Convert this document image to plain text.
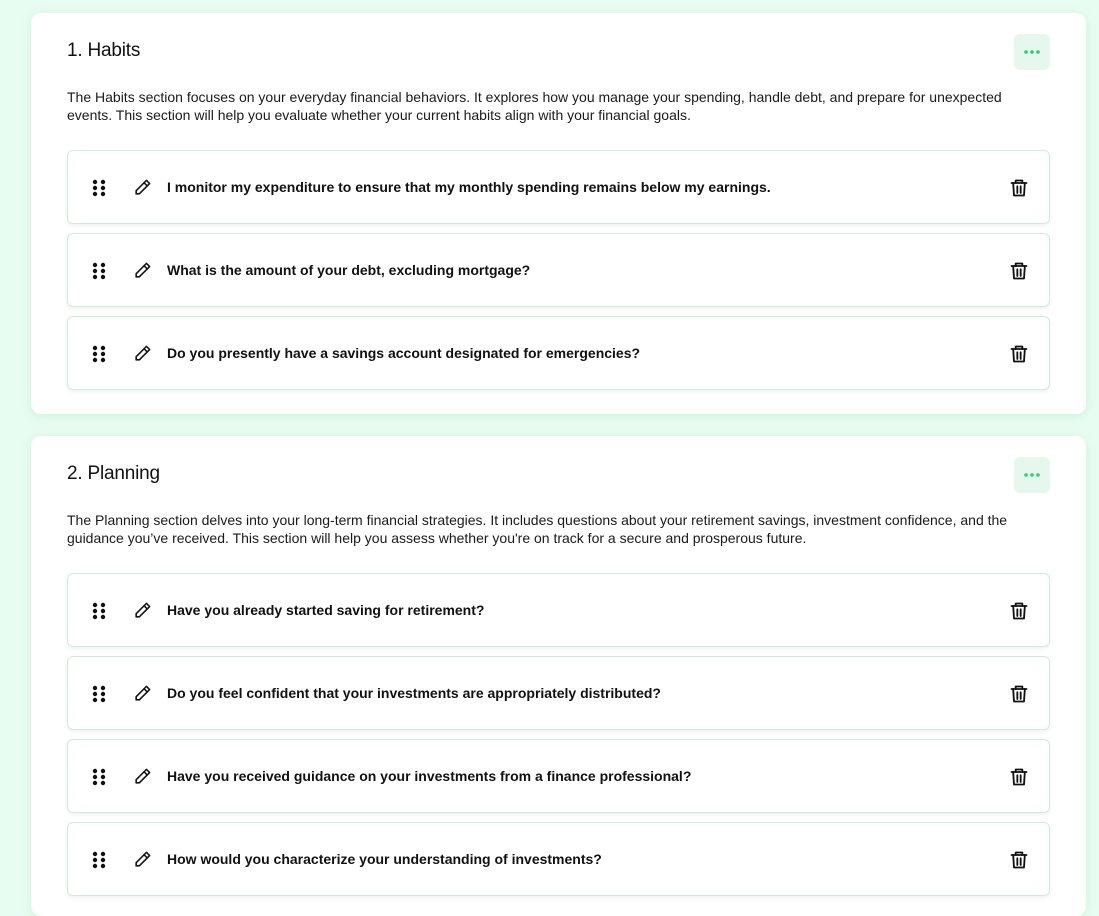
1. Habits

The Habits section focuses on your everyday financial behaviors. It explores how you manage your spending, handle debt, and prepare for unexpected events. This section will help you evaluate whether your current habits align with your financial goals.

I monitor my expenditure to ensure that my monthly spending remains below my earnings.
What is the amount of your debt, excluding mortgage?
Do you presently have a savings account designated for emergencies?
2. Planning

The Planning section delves into your long-term financial strategies. It includes questions about your retirement savings, investment confidence, and the guidance you’ve received. This section will help you assess whether you're on track for a secure and prosperous future.

Have you already started saving for retirement?
Do you feel confident that your investments are appropriately distributed?
Have you received guidance on your investments from a finance professional?
How would you characterize your understanding of investments?
